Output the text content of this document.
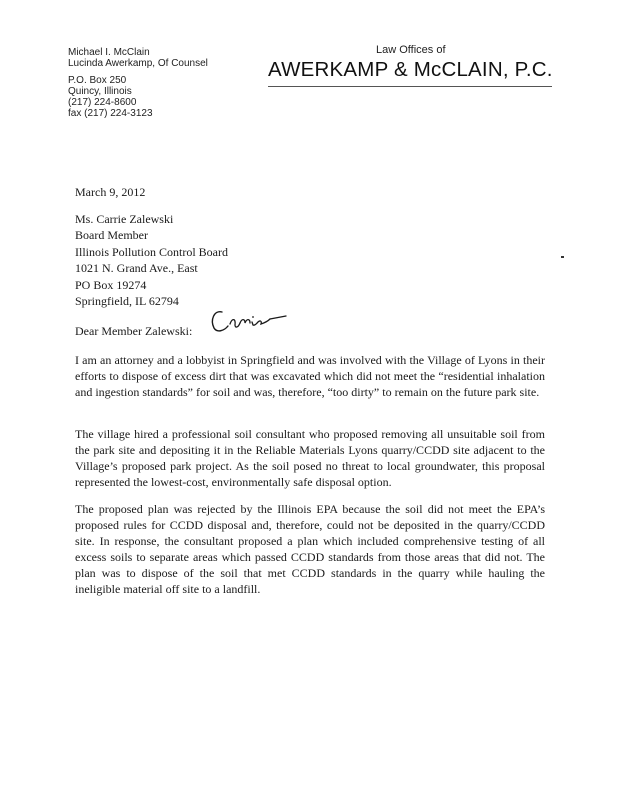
Michael I. McClain
Lucinda Awerkamp, Of Counsel
P.O. Box 250
Quincy, Illinois
(217) 224-8600
fax (217) 224-3123
Law Offices of
AWERKAMP & McCLAIN, P.C.
March 9, 2012
Ms. Carrie Zalewski
Board Member
Illinois Pollution Control Board
1021 N. Grand Ave., East
PO Box 19274
Springfield, IL 62794
Dear Member Zalewski:

I am an attorney and a lobbyist in Springfield and was involved with the Village of Lyons in their efforts to dispose of excess dirt that was excavated which did not meet the “residential inhalation and ingestion standards” for soil and was, therefore, “too dirty” to remain on the future park site.

The village hired a professional soil consultant who proposed removing all unsuitable soil from the park site and depositing it in the Reliable Materials Lyons quarry/CCDD site adjacent to the Village’s proposed park project. As the soil posed no threat to local groundwater, this proposal represented the lowest-cost, environmentally safe disposal option.

The proposed plan was rejected by the Illinois EPA because the soil did not meet the EPA’s proposed rules for CCDD disposal and, therefore, could not be deposited in the quarry/CCDD site. In response, the consultant proposed a plan which included comprehensive testing of all excess soils to separate areas which passed CCDD standards from those areas that did not. The plan was to dispose of the soil that met CCDD standards in the quarry while hauling the ineligible material off site to a landfill.
